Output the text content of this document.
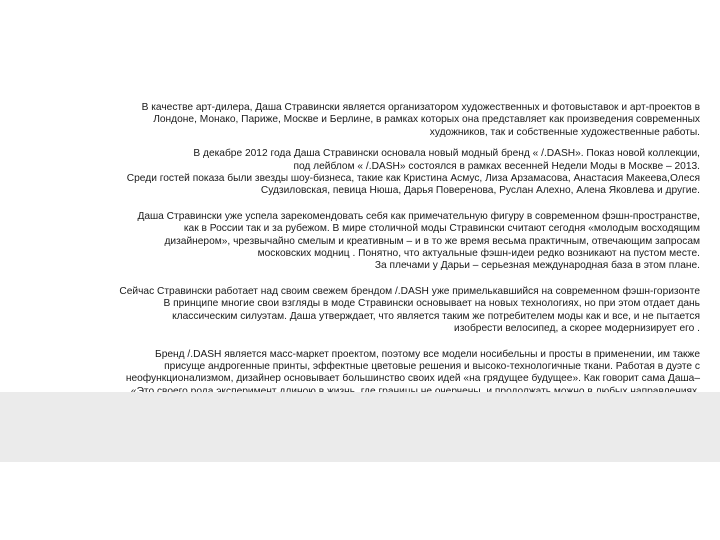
В качестве арт-дилера, Даша Стравински является организатором художественных и фотовыставок и арт-проектов в

Лондоне, Монако, Париже, Москве и Берлине, в рамках которых она представляет как произведения современных

художников, так и собственные художественные работы.

В декабре 2012 года Даша Стравински основала новый модный бренд « /.DASH». Показ новой коллекции,

под лейблом « /.DASH» состоялся в рамках весенней Недели Моды в Москве – 2013.

Среди гостей показа были звезды шоу-бизнеса, такие как Кристина Асмус, Лиза Арзамасова, Анастасия Макеева,Олеся

Судзиловская, певица Нюша, Дарья Поверенова, Руслан Алехно, Алена Яковлева и другие.

Даша Стравински уже успела зарекомендовать себя как примечательную фигуру в современном фэшн-пространстве,

как в России так и за рубежом. В мире столичной моды Стравински считают сегодня «молодым восходящим

дизайнером», чрезвычайно смелым и креативным – и в то же время весьма практичным, отвечающим запросам

московских модниц . Понятно, что актуальные фэшн-идеи редко возникают на пустом месте.

За плечами у Дарьи – серьезная международная база в этом плане.

Сейчас Стравински работает над своим свежем брендом /.DASH уже примелькавшийся на современном фэшн-горизонте

В принципе многие свои взгляды в моде Стравински основывает на новых технологиях, но при этом отдает дань

классическим силуэтам. Даша утверждает, что является таким же потребителем моды как и все, и не пытается

изобрести велосипед, а скорее модернизирует его .

Бренд /.DASH является масс-маркет проектом, поэтому все модели носибельны и просты в применении, им также

присуще андрогенные принты, эффектные цветовые решения и высоко-технологичные ткани. Работая в дуэте с

неофункционализмом, дизайнер основывает большинство своих идей «на грядущее будущее». Как говорит сама Даша–
